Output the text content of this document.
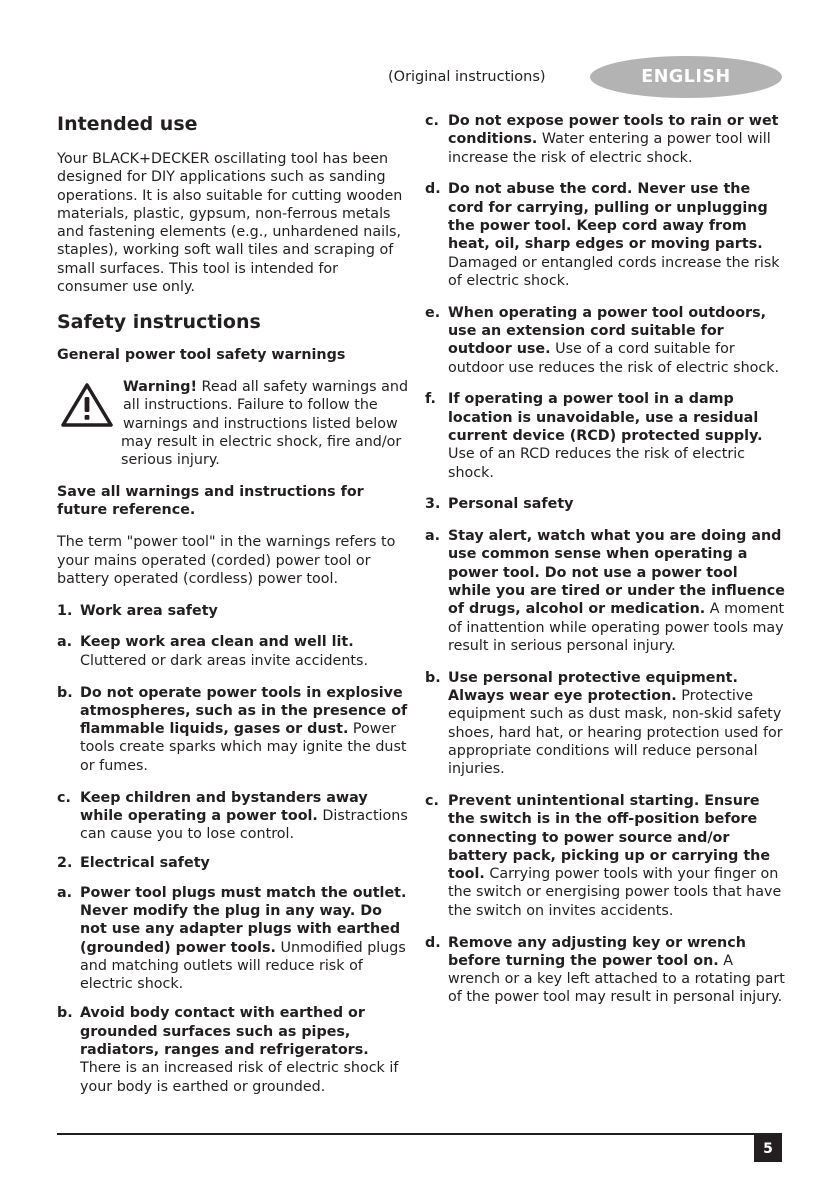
(Original instructions)	ENGLISH
Intended use

Your BLACK+DECKER oscillating tool has been designed for DIY applications such as sanding operations. It is also suitable for cutting wooden materials, plastic, gypsum, non-ferrous metals and fastening elements (e.g., unhardened nails, staples), working soft wall tiles and scraping of small surfaces. This tool is intended for consumer use only.

Safety instructions

General power tool safety warnings

Warning! Read all safety warnings and all instructions. Failure to follow the warnings and instructions listed below may result in electric shock, fire and/or serious injury.

Save all warnings and instructions for future reference.

The term "power tool" in the warnings refers to your mains operated (corded) power tool or battery operated (cordless) power tool.

1. Work area safety
a. Keep work area clean and well lit. Cluttered or dark areas invite accidents.
b. Do not operate power tools in explosive atmospheres, such as in the presence of flammable liquids, gases or dust. Power tools create sparks which may ignite the dust or fumes.
c. Keep children and bystanders away while operating a power tool. Distractions can cause you to lose control.
2. Electrical safety
a. Power tool plugs must match the outlet. Never modify the plug in any way. Do not use any adapter plugs with earthed (grounded) power tools. Unmodified plugs and matching outlets will reduce risk of electric shock.
b. Avoid body contact with earthed or grounded surfaces such as pipes, radiators, ranges and refrigerators. There is an increased risk of electric shock if your body is earthed or grounded.
c. Do not expose power tools to rain or wet conditions. Water entering a power tool will increase the risk of electric shock.
d. Do not abuse the cord. Never use the cord for carrying, pulling or unplugging the power tool. Keep cord away from heat, oil, sharp edges or moving parts. Damaged or entangled cords increase the risk of electric shock.
e. When operating a power tool outdoors, use an extension cord suitable for outdoor use. Use of a cord suitable for outdoor use reduces the risk of electric shock.
f. If operating a power tool in a damp location is unavoidable, use a residual current device (RCD) protected supply. Use of an RCD reduces the risk of electric shock.
3. Personal safety
a. Stay alert, watch what you are doing and use common sense when operating a power tool. Do not use a power tool while you are tired or under the influence of drugs, alcohol or medication. A moment of inattention while operating power tools may result in serious personal injury.
b. Use personal protective equipment. Always wear eye protection. Protective equipment such as dust mask, non-skid safety shoes, hard hat, or hearing protection used for appropriate conditions will reduce personal injuries.
c. Prevent unintentional starting. Ensure the switch is in the off-position before connecting to power source and/or battery pack, picking up or carrying the tool. Carrying power tools with your finger on the switch or energising power tools that have the switch on invites accidents.
d. Remove any adjusting key or wrench before turning the power tool on. A wrench or a key left attached to a rotating part of the power tool may result in personal injury.
5
